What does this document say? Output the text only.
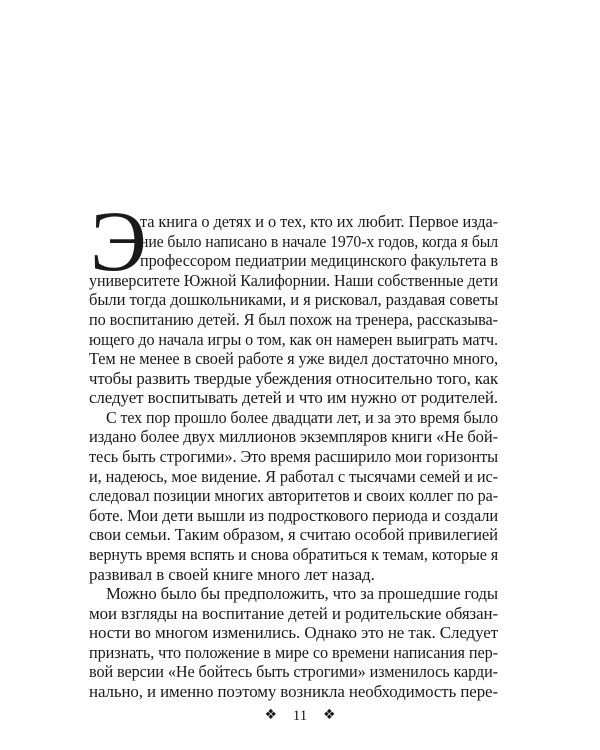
Э
та книга о детях и о тех, кто их любит. Первое изда-
ние было написано в начале 1970-х годов, когда я был
профессором педиатрии медицинского факультета в
университете Южной Калифорнии. Наши собственные дети
были тогда дошкольниками, и я рисковал, раздавая советы
по воспитанию детей. Я был похож на тренера, рассказыва-
ющего до начала игры о том, как он намерен выиграть матч.
Тем не менее в своей работе я уже видел достаточно много,
чтобы развить твердые убеждения относительно того, как
следует воспитывать детей и что им нужно от родителей.
С тех пор прошло более двадцати лет, и за это время было
издано более двух миллионов экземпляров книги «Не бой-
тесь быть строгими». Это время расширило мои горизонты
и, надеюсь, мое видение. Я работал с тысячами семей и ис-
следовал позиции многих авторитетов и своих коллег по ра-
боте. Мои дети вышли из подросткового периода и создали
свои семьи. Таким образом, я считаю особой привилегией
вернуть время вспять и снова обратиться к темам, которые я
развивал в своей книге много лет назад.
Можно было бы предположить, что за прошедшие годы
мои взгляды на воспитание детей и родительские обязан-
ности во многом изменились. Однако это не так. Следует
признать, что положение в мире со времени написания пер-
вой версии «Не бойтесь быть строгими» изменилось карди-
нально, и именно поэтому возникла необходимость пере-
❖ 11 ❖
